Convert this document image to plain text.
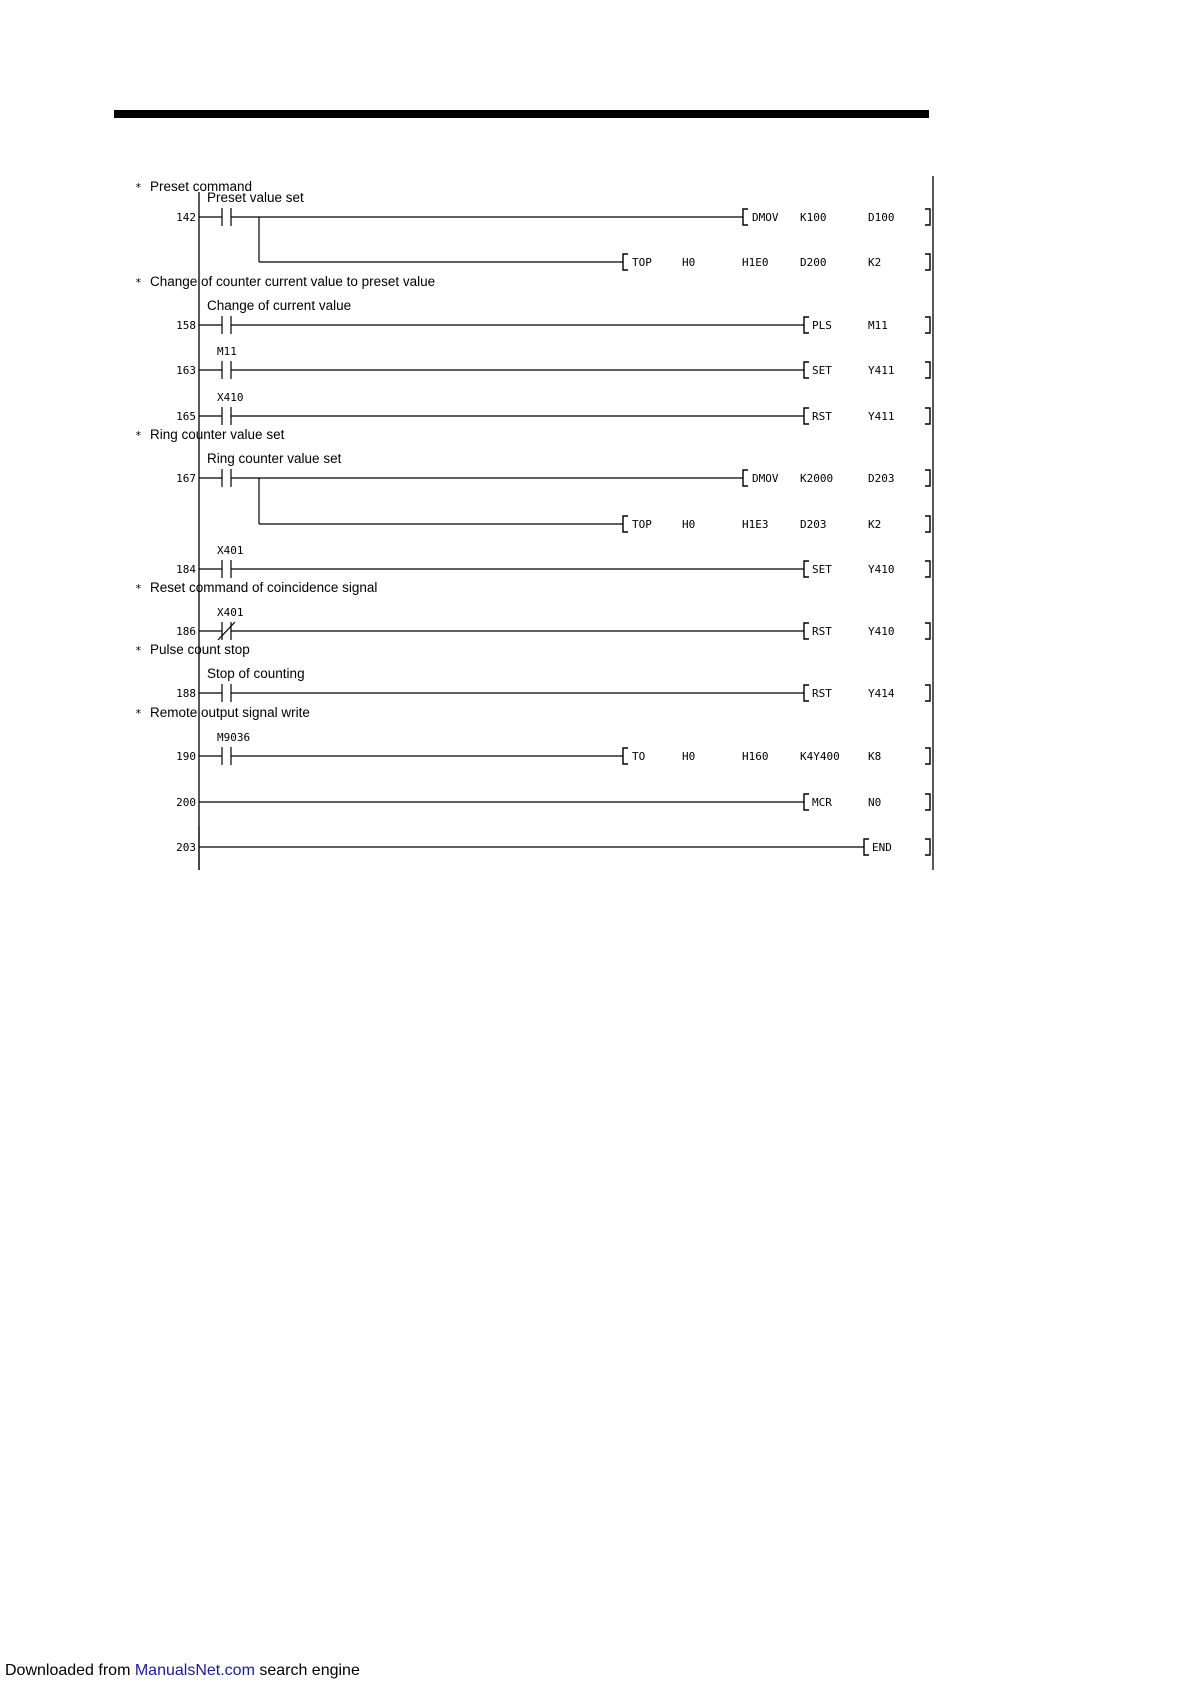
142
* Preset command
Preset value set
DMOV K100	D100
TOP	H0	H1E0	D200	K2
158
* Change of counter current value to preset value
Change of current value
PLS	M11
163
M11
SET	Y411
165
X410
RST	Y411
167
* Ring counter value set
Ring counter value set
DMOV K2000	D203
TOP	H0	H1E3	D203	K2
184
X401
SET	Y410
186
* Reset command of coincidence signal
X401
RST	Y410
188
* Pulse count stop
Stop of counting
RST	Y414
190
* Remote output signal write
M9036
TO	H0	H160	K4Y400	K8
200	MCR	N0
203	END
Downloaded from ManualsNet.com search engine
